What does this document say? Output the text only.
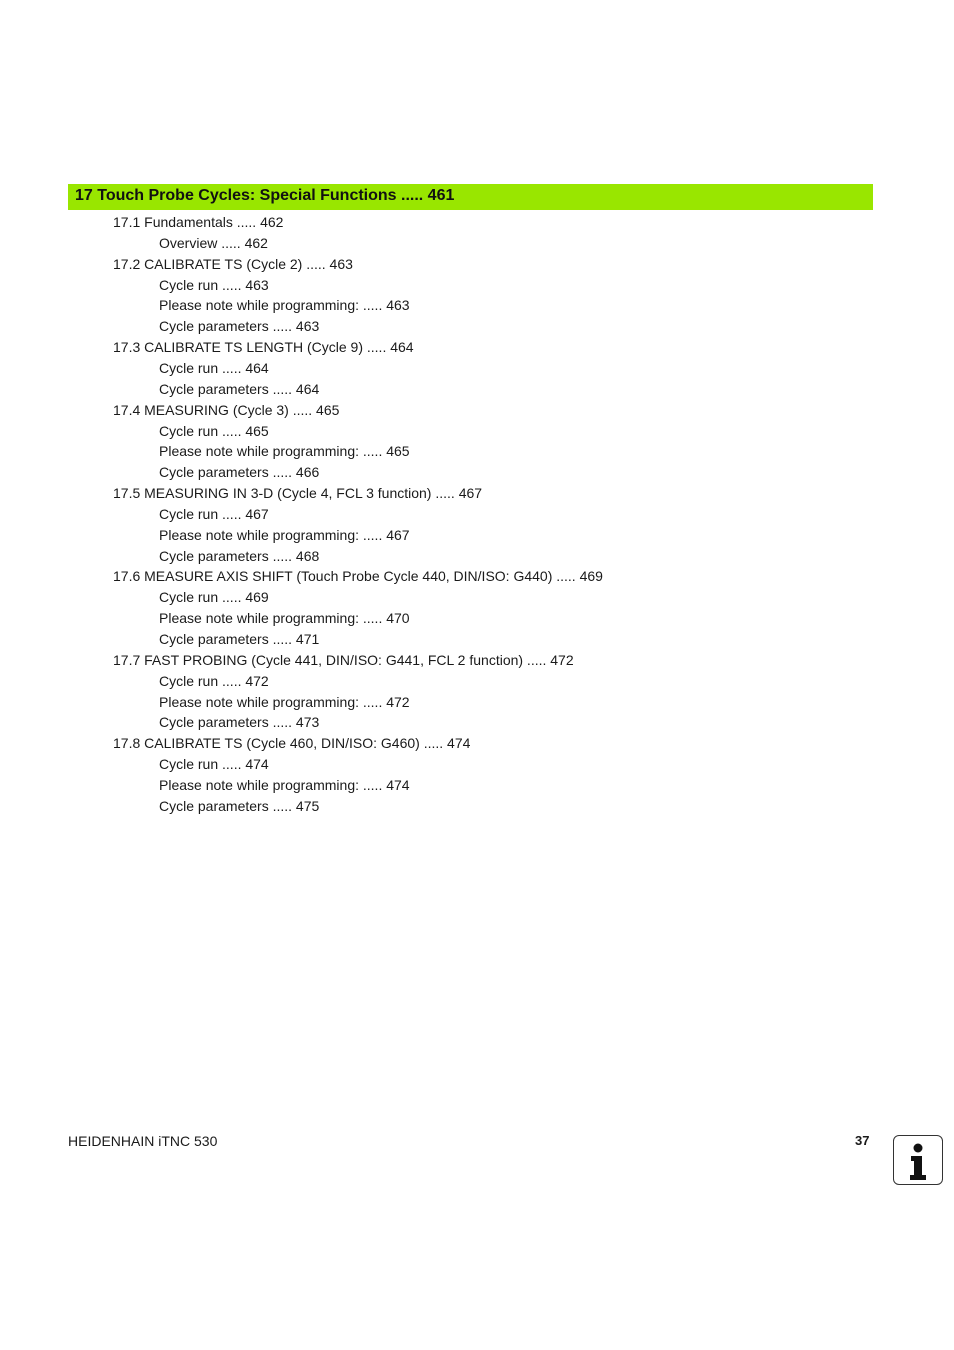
17 Touch Probe Cycles: Special Functions ..... 461
17.1 Fundamentals ..... 462
Overview ..... 462
17.2 CALIBRATE TS (Cycle 2) ..... 463
Cycle run ..... 463
Please note while programming: ..... 463
Cycle parameters ..... 463
17.3 CALIBRATE TS LENGTH (Cycle 9) ..... 464
Cycle run ..... 464
Cycle parameters ..... 464
17.4 MEASURING (Cycle 3) ..... 465
Cycle run ..... 465
Please note while programming: ..... 465
Cycle parameters ..... 466
17.5 MEASURING IN 3-D (Cycle 4, FCL 3 function) ..... 467
Cycle run ..... 467
Please note while programming: ..... 467
Cycle parameters ..... 468
17.6 MEASURE AXIS SHIFT (Touch Probe Cycle 440, DIN/ISO: G440) ..... 469
Cycle run ..... 469
Please note while programming: ..... 470
Cycle parameters ..... 471
17.7 FAST PROBING (Cycle 441, DIN/ISO: G441, FCL 2 function) ..... 472
Cycle run ..... 472
Please note while programming: ..... 472
Cycle parameters ..... 473
17.8 CALIBRATE TS (Cycle 460, DIN/ISO: G460) ..... 474
Cycle run ..... 474
Please note while programming: ..... 474
Cycle parameters ..... 475
HEIDENHAIN iTNC 530	37
